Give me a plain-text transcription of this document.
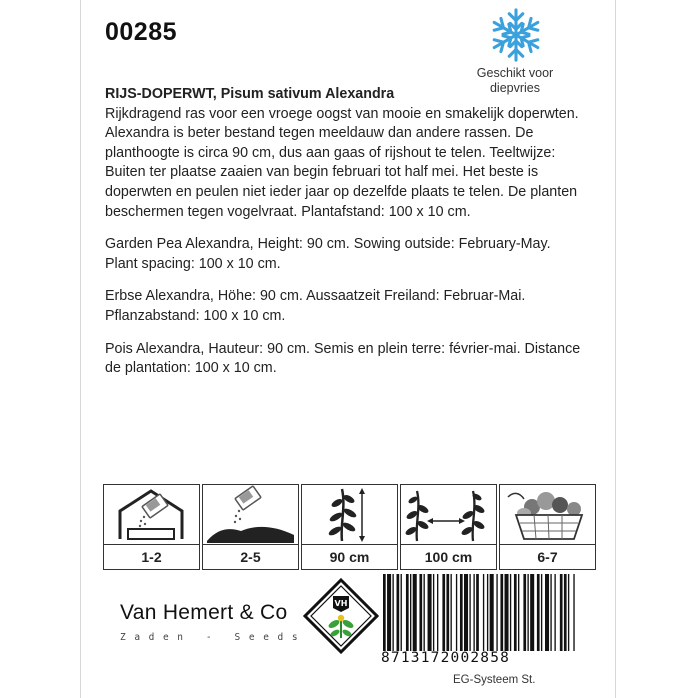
00285
Geschikt voor diepvries

RIJS-DOPERWT, Pisum sativum Alexandra
Rijkdragend ras voor een vroege oogst van mooie en smakelijk doperwten. Alexandra is beter bestand tegen meeldauw dan andere rassen. De planthoogte is circa 90 cm, dus aan gaas of rijshout te telen. Teeltwijze: Buiten ter plaatse zaaien van begin februari tot half mei. Het beste is doperwten en peulen niet ieder jaar op dezelfde plaats te telen. De planten beschermen tegen vogelvraat. Plantafstand: 100 x 10 cm.

Garden Pea Alexandra, Height: 90 cm. Sowing outside: February-May. Plant spacing: 100 x 10 cm.

Erbse Alexandra, Höhe: 90 cm. Aussaatzeit Freiland: Februar-Mai. Pflanzabstand: 100 x 10 cm.

Pois Alexandra, Hauteur: 90 cm. Semis en plein terre: février-mai. Distance de plantation: 100 x 10 cm.

1-2	2-5	90 cm	100 cm	6-7
Van Hemert & Co
Zaden - Seeds
VH
8713172002858
EG-Systeem St.
